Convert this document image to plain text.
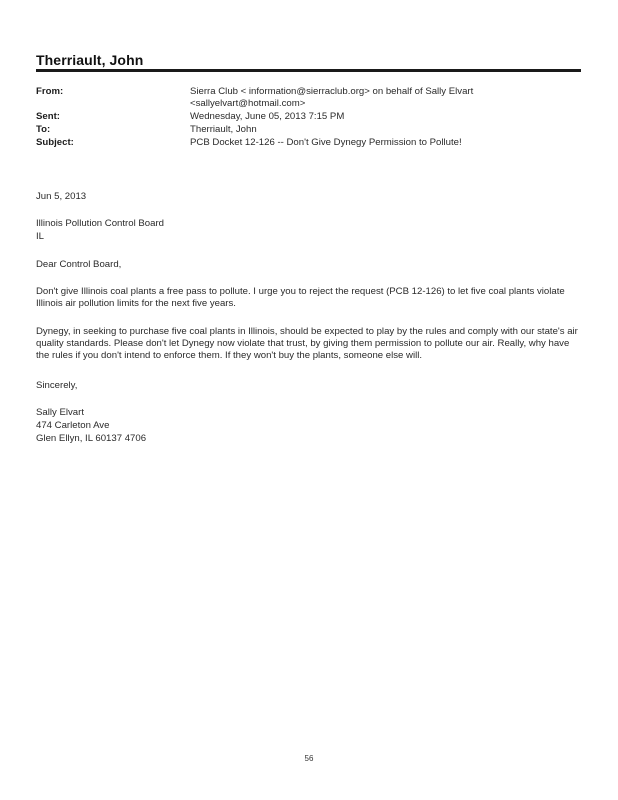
Therriault, John
From:	Sierra Club < information@sierraclub.org> on behalf of Sally Elvart
<sallyelvart@hotmail.com>
Sent:	Wednesday, June 05, 2013 7:15 PM
To:	Therriault, John
Subject:	PCB Docket 12-126 -- Don't Give Dynegy Permission to Pollute!
Jun 5, 2013
Illinois Pollution Control Board
IL
Dear Control Board,
Don't give Illinois coal plants a free pass to pollute. I urge you to reject the request (PCB 12-126) to let five coal plants violate Illinois air pollution limits for the next five years.
Dynegy, in seeking to purchase five coal plants in Illinois, should be expected to play by the rules and comply with our state's air quality standards. Please don't let Dynegy now violate that trust, by giving them permission to pollute our air. Really, why have the rules if you don't intend to enforce them. If they won't buy the plants, someone else will.
Sincerely,
Sally Elvart
474 Carleton Ave
Glen Ellyn, IL 60137 4706
56
